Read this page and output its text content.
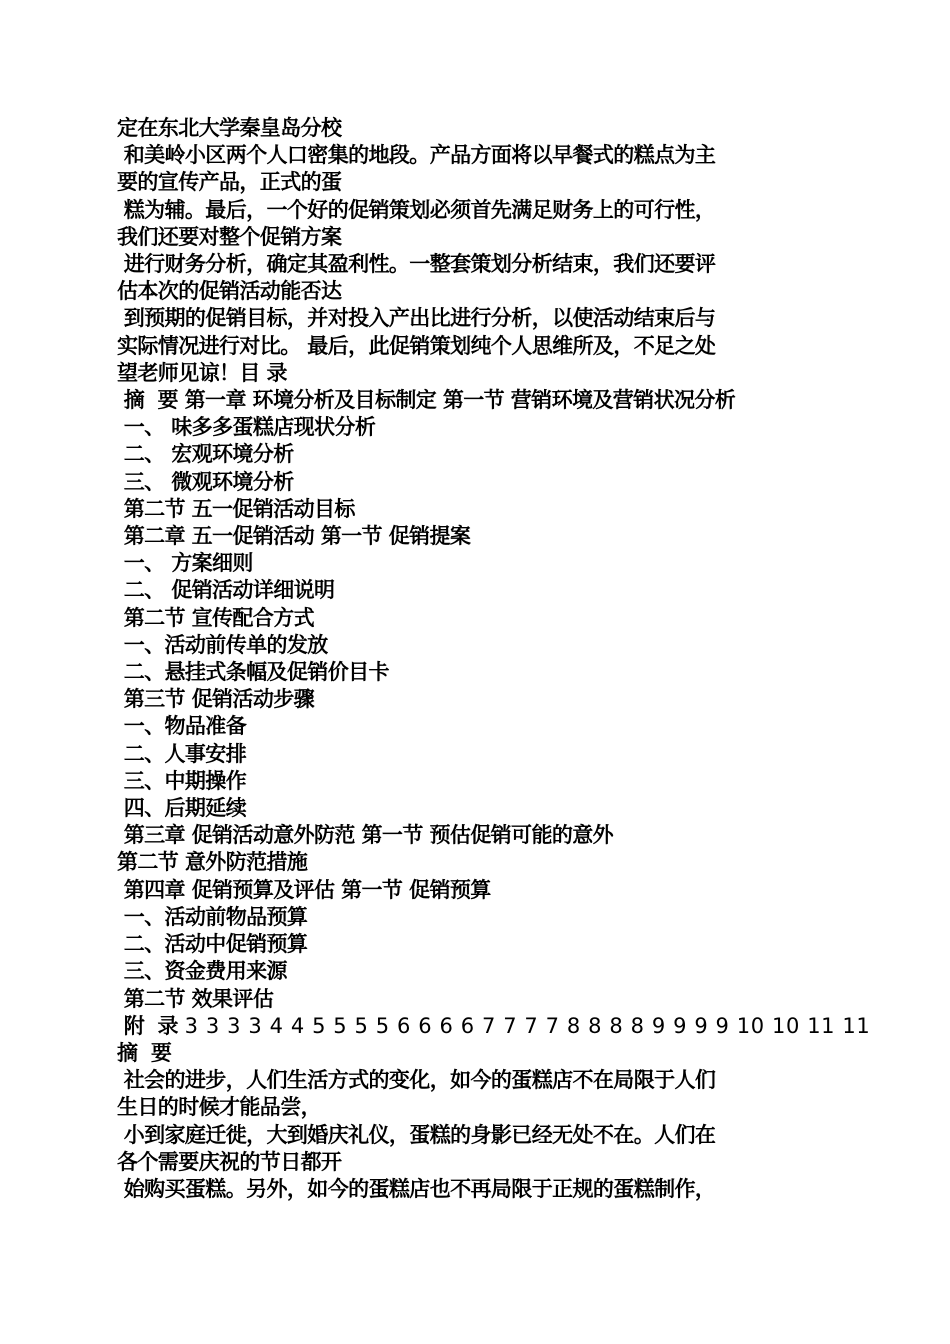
定在东北大学秦皇岛分校
和美岭小区两个人口密集的地段。产品方面将以早餐式的糕点为主
要的宣传产品，正式的蛋
糕为辅。最后，一个好的促销策划必须首先满足财务上的可行性，
我们还要对整个促销方案
进行财务分析，确定其盈利性。一整套策划分析结束，我们还要评
估本次的促销活动能否达
到预期的促销目标，并对投入产出比进行分析，以使活动结束后与
实际情况进行对比。 最后，此促销策划纯个人思维所及，不足之处
望老师见谅！目 录
摘  要 第一章 环境分析及目标制定 第一节 营销环境及营销状况分析
一、 味多多蛋糕店现状分析
二、 宏观环境分析
三、 微观环境分析
第二节 五一促销活动目标
第二章 五一促销活动 第一节 促销提案
一、 方案细则
二、 促销活动详细说明
第二节 宣传配合方式
一、活动前传单的发放
二、悬挂式条幅及促销价目卡
第三节 促销活动步骤
一、物品准备
二、人事安排
三、中期操作
四、后期延续
第三章 促销活动意外防范 第一节 预估促销可能的意外
第二节 意外防范措施
第四章 促销预算及评估 第一节 促销预算
一、活动前物品预算
二、活动中促销预算
三、资金费用来源
第二节 效果评估
附  录 3 3 3 3 4 4 5 5 5 5 6 6 6 6 7 7 7 7 8 8 8 8 9 9 9 9 10 10 11 11
摘  要
社会的进步，人们生活方式的变化，如今的蛋糕店不在局限于人们
生日的时候才能品尝，
小到家庭迁徙，大到婚庆礼仪，蛋糕的身影已经无处不在。人们在
各个需要庆祝的节日都开
始购买蛋糕。另外，如今的蛋糕店也不再局限于正规的蛋糕制作，
